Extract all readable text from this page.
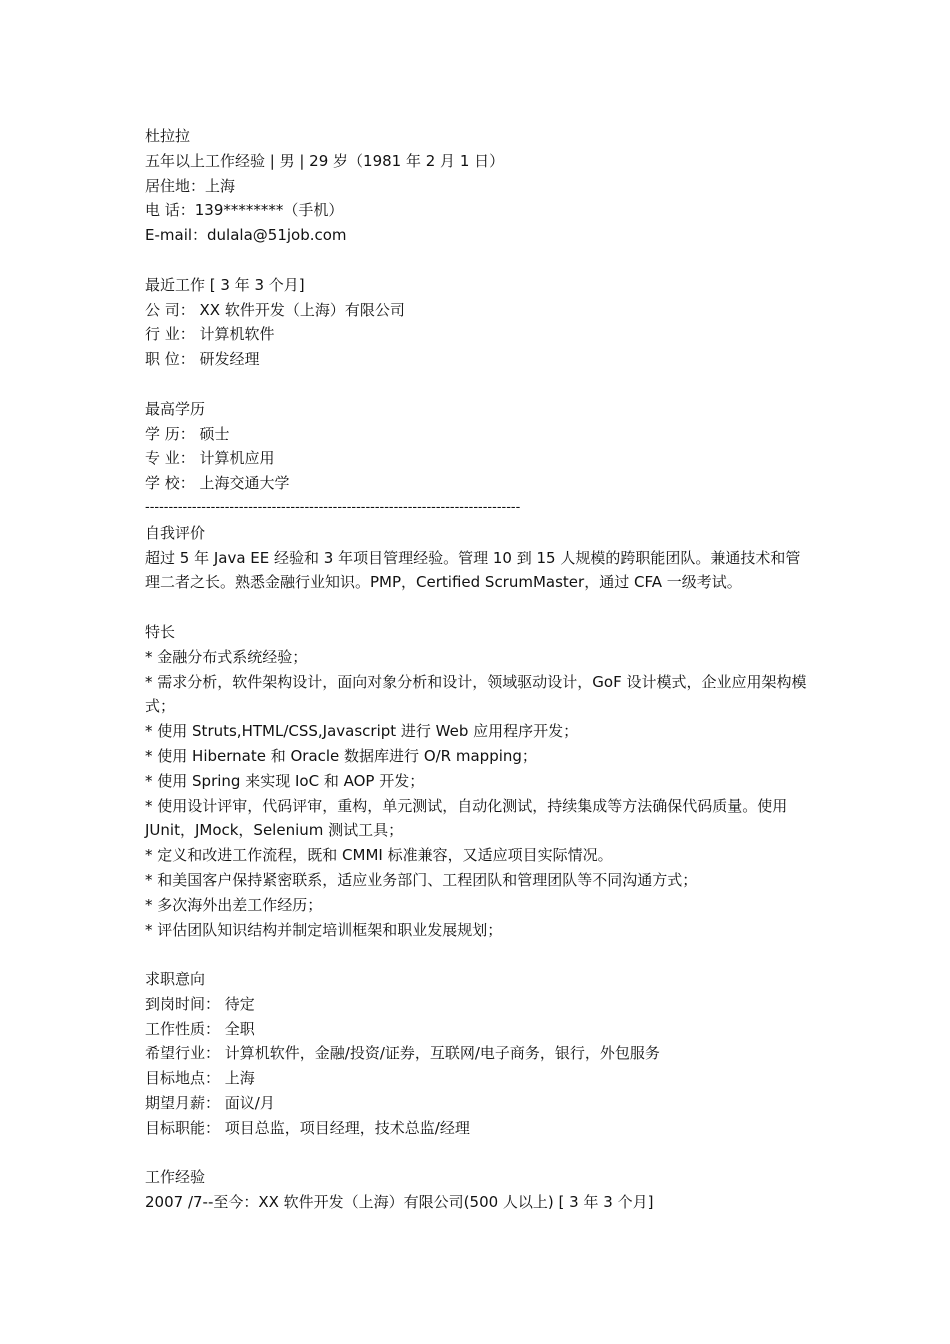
杜拉拉
五年以上工作经验 | 男 | 29 岁（1981 年 2 月 1 日）
居住地：上海
电 话：139********（手机）
E-mail：dulala@51job.com
最近工作 [ 3 年 3 个月]
公 司： XX 软件开发（上海）有限公司
行 业： 计算机软件
职 位： 研发经理
最高学历
学 历： 硕士
专 业： 计算机应用
学 校： 上海交通大学
--------------------------------------------------------------------------------
自我评价
超过 5 年 Java EE 经验和 3 年项目管理经验。管理 10 到 15 人规模的跨职能团队。兼通技术和管理二者之长。熟悉金融行业知识。PMP，Certified ScrumMaster，通过 CFA 一级考试。
特长
* 金融分布式系统经验；
* 需求分析，软件架构设计，面向对象分析和设计，领域驱动设计，GoF 设计模式，企业应用架构模式；
* 使用 Struts,HTML/CSS,Javascript 进行 Web 应用程序开发；
* 使用 Hibernate 和 Oracle 数据库进行 O/R mapping；
* 使用 Spring 来实现 IoC 和 AOP 开发；
* 使用设计评审，代码评审，重构，单元测试，自动化测试，持续集成等方法确保代码质量。使用 JUnit，JMock，Selenium 测试工具；
* 定义和改进工作流程，既和 CMMI 标准兼容，又适应项目实际情况。
* 和美国客户保持紧密联系，适应业务部门、工程团队和管理团队等不同沟通方式；
* 多次海外出差工作经历；
* 评估团队知识结构并制定培训框架和职业发展规划；
求职意向
到岗时间： 待定
工作性质： 全职
希望行业： 计算机软件，金融/投资/证券，互联网/电子商务，银行，外包服务
目标地点： 上海
期望月薪： 面议/月
目标职能： 项目总监，项目经理，技术总监/经理
工作经验
2007 /7--至今：XX 软件开发（上海）有限公司(500 人以上) [ 3 年 3 个月]
